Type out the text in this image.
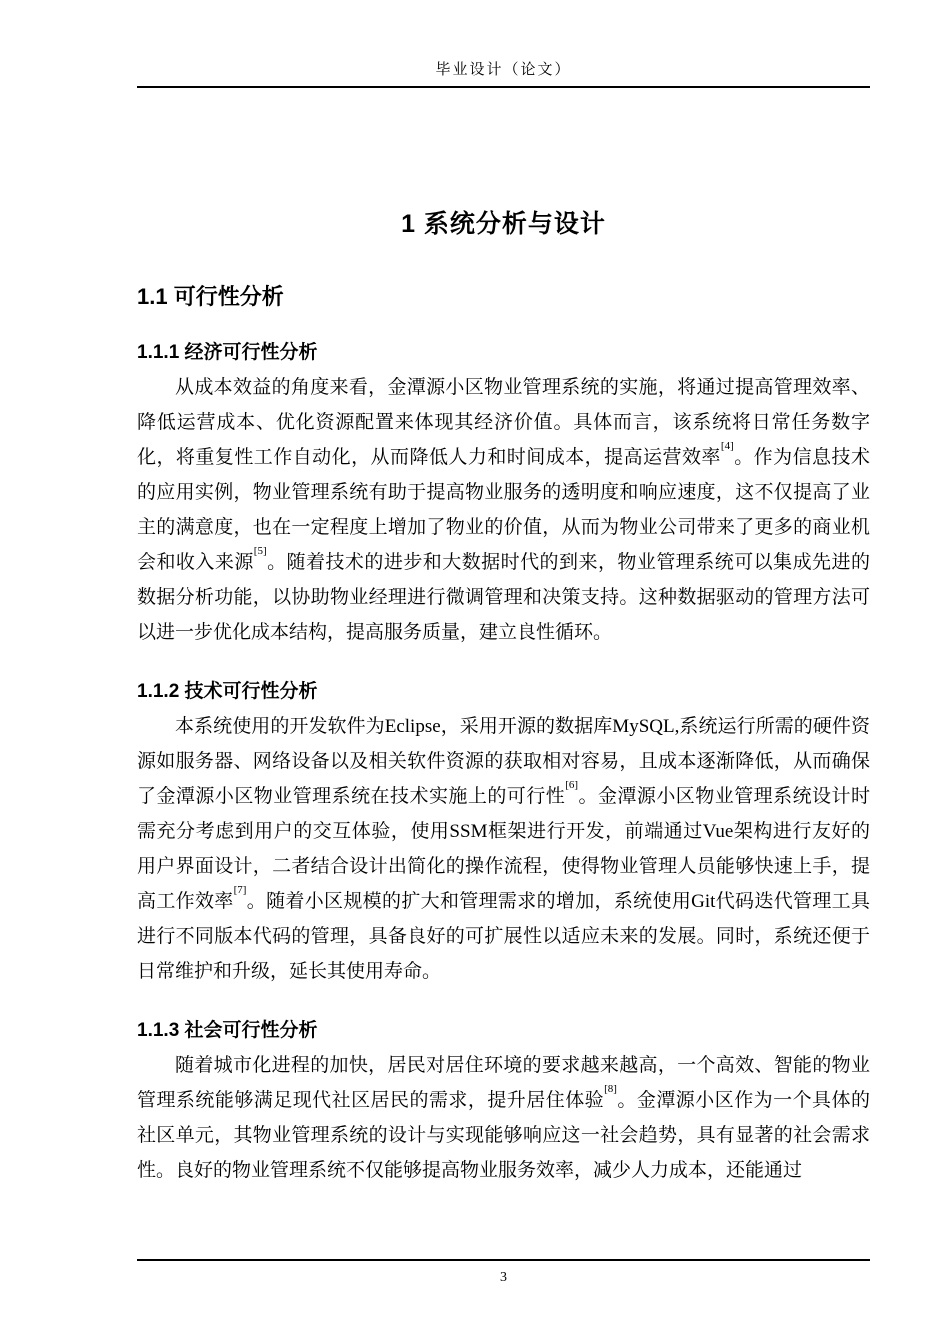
毕业设计（论文）
1 系统分析与设计
1.1 可行性分析
1.1.1 经济可行性分析

从成本效益的角度来看，金潭源小区物业管理系统的实施，将通过提高管理效率、降低运营成本、优化资源配置来体现其经济价值。具体而言，该系统将日常任务数字化，将重复性工作自动化，从而降低人力和时间成本，提高运营效率[4]。作为信息技术的应用实例，物业管理系统有助于提高物业服务的透明度和响应速度，这不仅提高了业主的满意度，也在一定程度上增加了物业的价值，从而为物业公司带来了更多的商业机会和收入来源[5]。随着技术的进步和大数据时代的到来，物业管理系统可以集成先进的数据分析功能，以协助物业经理进行微调管理和决策支持。这种数据驱动的管理方法可以进一步优化成本结构，提高服务质量，建立良性循环。

1.1.2 技术可行性分析

本系统使用的开发软件为Eclipse，采用开源的数据库MySQL,系统运行所需的硬件资源如服务器、网络设备以及相关软件资源的获取相对容易，且成本逐渐降低，从而确保了金潭源小区物业管理系统在技术实施上的可行性[6]。金潭源小区物业管理系统设计时需充分考虑到用户的交互体验，使用SSM框架进行开发，前端通过Vue架构进行友好的用户界面设计，二者结合设计出简化的操作流程，使得物业管理人员能够快速上手，提高工作效率[7]。随着小区规模的扩大和管理需求的增加，系统使用Git代码迭代管理工具进行不同版本代码的管理，具备良好的可扩展性以适应未来的发展。同时，系统还便于日常维护和升级，延长其使用寿命。

1.1.3 社会可行性分析

随着城市化进程的加快，居民对居住环境的要求越来越高，一个高效、智能的物业管理系统能够满足现代社区居民的需求，提升居住体验[8]。金潭源小区作为一个具体的社区单元，其物业管理系统的设计与实现能够响应这一社会趋势，具有显著的社会需求性。良好的物业管理系统不仅能够提高物业服务效率，减少人力成本，还能通过

3
